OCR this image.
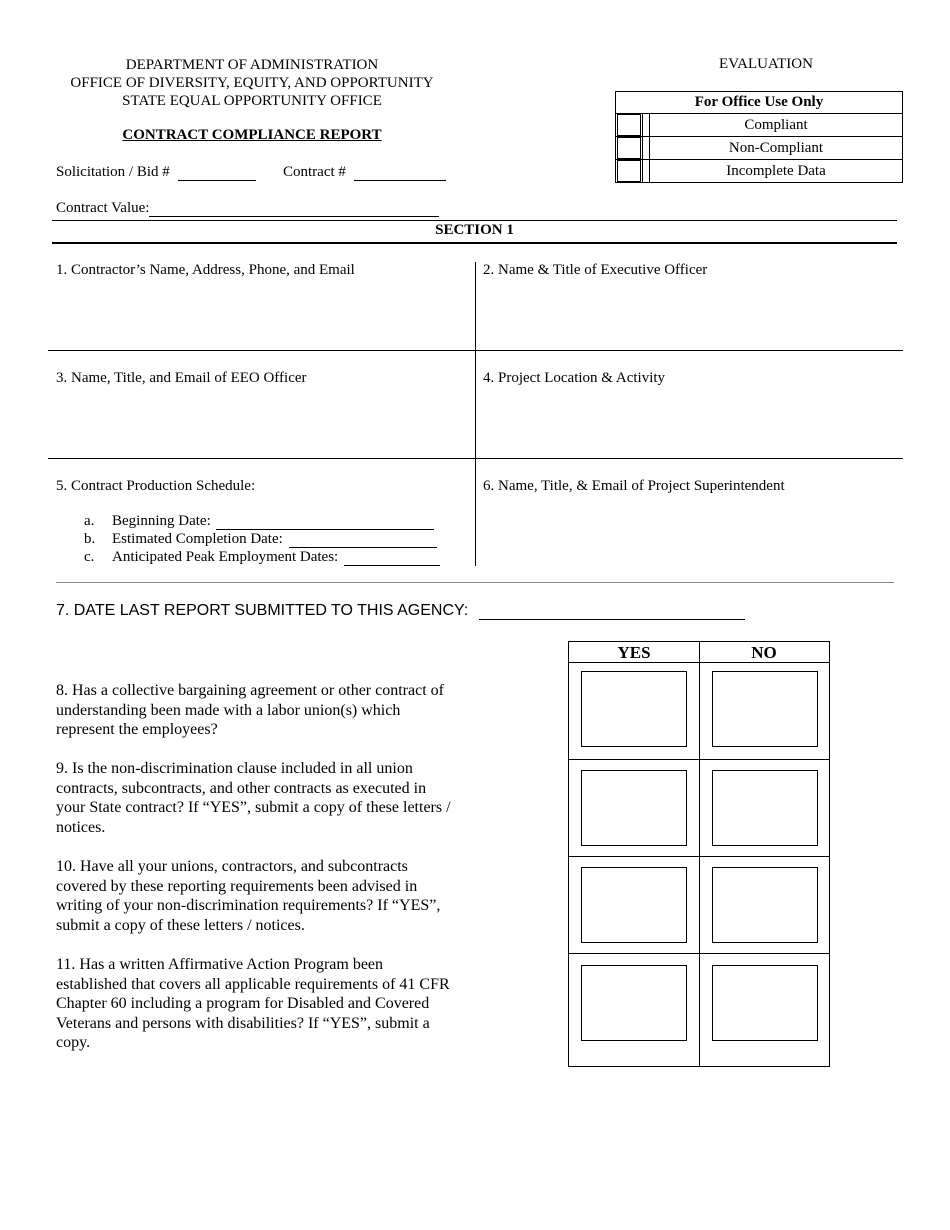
DEPARTMENT OF ADMINISTRATION
OFFICE OF DIVERSITY, EQUITY, AND OPPORTUNITY
STATE EQUAL OPPORTUNITY OFFICE
CONTRACT COMPLIANCE REPORT
EVALUATION
For Office Use Only		

		Compliant

		Non-Compliant

		Incomplete Data
Solicitation / Bid #	Contract #
Contract Value:
SECTION 1
1. Contractor’s Name, Address, Phone, and Email	2. Name & Title of Executive Officer
3. Name, Title, and Email of EEO Officer	4. Project Location & Activity
5. Contract Production Schedule:	6. Name, Title, & Email of Project Superintendent
a. Beginning Date:
b. Estimated Completion Date:
c. Anticipated Peak Employment Dates:
7. DATE LAST REPORT SUBMITTED TO THIS AGENCY:
8. Has a collective bargaining agreement or other contract of understanding been made with a labor union(s) which represent the employees?
9. Is the non-discrimination clause included in all union contracts, subcontracts, and other contracts as executed in your State contract? If “YES”, submit a copy of these letters / notices.
10. Have all your unions, contractors, and subcontracts covered by these reporting requirements been advised in writing of your non-discrimination requirements? If “YES”, submit a copy of these letters / notices.
11. Has a written Affirmative Action Program been established that covers all applicable requirements of 41 CFR Chapter 60 including a program for Disabled and Covered Veterans and persons with disabilities? If “YES”, submit a copy.
YES	NO
